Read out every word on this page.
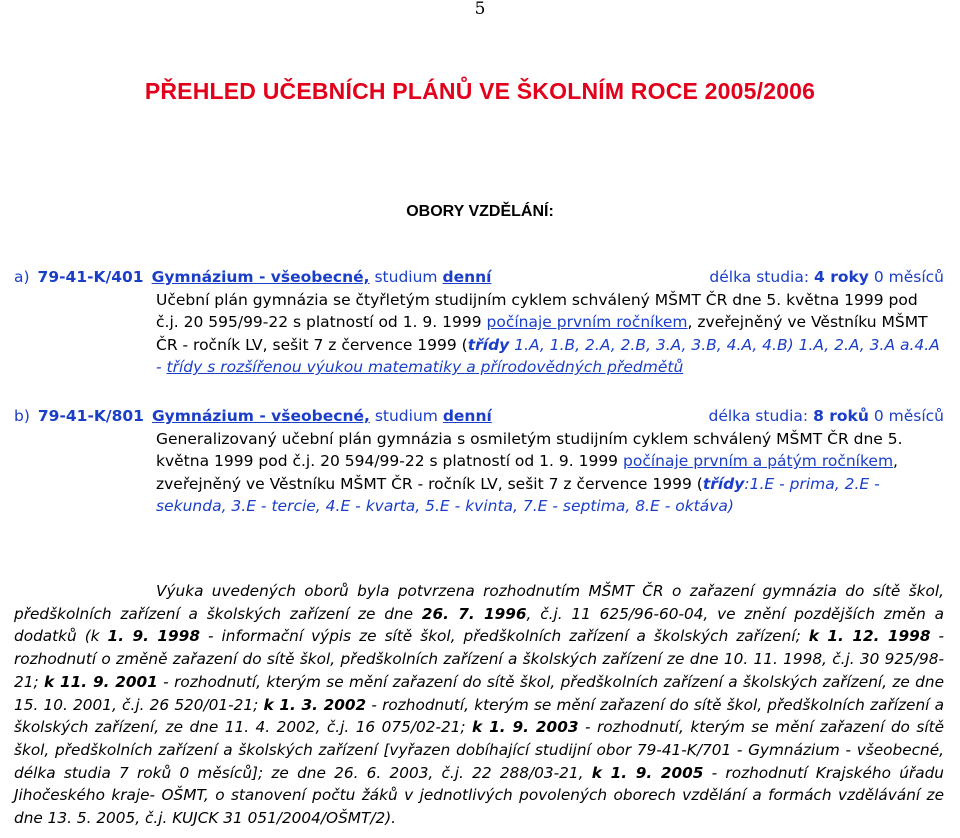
5
PŘEHLED UČEBNÍCH PLÁNŮ VE ŠKOLNÍM ROCE 2005/2006
OBORY VZDĚLÁNÍ:
a) 79-41-K/401 Gymnázium - všeobecné, studium denní	délka studia: 4 roky 0 měsíců
Učební plán gymnázia se čtyřletým studijním cyklem schválený MŠMT ČR dne 5. května 1999 pod č.j. 20 595/99-22 s platností od 1. 9. 1999 počínaje prvním ročníkem, zveřejněný ve Věstníku MŠMT ČR - ročník LV, sešit 7 z července 1999 (třídy 1.A, 1.B, 2.A, 2.B, 3.A, 3.B, 4.A, 4.B) 1.A, 2.A, 3.A a.4.A - třídy s rozšířenou výukou matematiky a přírodovědných předmětů
b) 79-41-K/801 Gymnázium - všeobecné, studium denní	délka studia: 8 roků 0 měsíců
Generalizovaný učební plán gymnázia s osmiletým studijním cyklem schválený MŠMT ČR dne 5. května 1999 pod č.j. 20 594/99-22 s platností od 1. 9. 1999 počínaje prvním a pátým ročníkem, zveřejněný ve Věstníku MŠMT ČR - ročník LV, sešit 7 z července 1999 (třídy:1.E - prima, 2.E - sekunda, 3.E - tercie, 4.E - kvarta, 5.E - kvinta, 7.E - septima, 8.E - oktáva)
Výuka uvedených oborů byla potvrzena rozhodnutím MŠMT ČR o zařazení gymnázia do sítě škol, předškolních zařízení a školských zařízení ze dne 26. 7. 1996, č.j. 11 625/96-60-04, ve znění pozdějších změn a dodatků (k 1. 9. 1998 - informační výpis ze sítě škol, předškolních zařízení a školských zařízení; k 1. 12. 1998 - rozhodnutí o změně zařazení do sítě škol, předškolních zařízení a školských zařízení ze dne 10. 11. 1998, č.j. 30 925/98-21; k 11. 9. 2001 - rozhodnutí, kterým se mění zařazení do sítě škol, předškolních zařízení a školských zařízení, ze dne 15. 10. 2001, č.j. 26 520/01-21; k 1. 3. 2002 - rozhodnutí, kterým se mění zařazení do sítě škol, předškolních zařízení a školských zařízení, ze dne 11. 4. 2002, č.j. 16 075/02-21; k 1. 9. 2003 - rozhodnutí, kterým se mění zařazení do sítě škol, předškolních zařízení a školských zařízení [vyřazen dobíhající studijní obor 79-41-K/701 - Gymnázium - všeobecné, délka studia 7 roků 0 měsíců]; ze dne 26. 6. 2003, č.j. 22 288/03-21, k 1. 9. 2005 - rozhodnutí Krajského úřadu Jihočeského kraje- OŠMT, o stanovení počtu žáků v jednotlivých povolených oborech vzdělání a formách vzdělávání ze dne 13. 5. 2005, č.j. KUJCK 31 051/2004/OŠMT/2).
